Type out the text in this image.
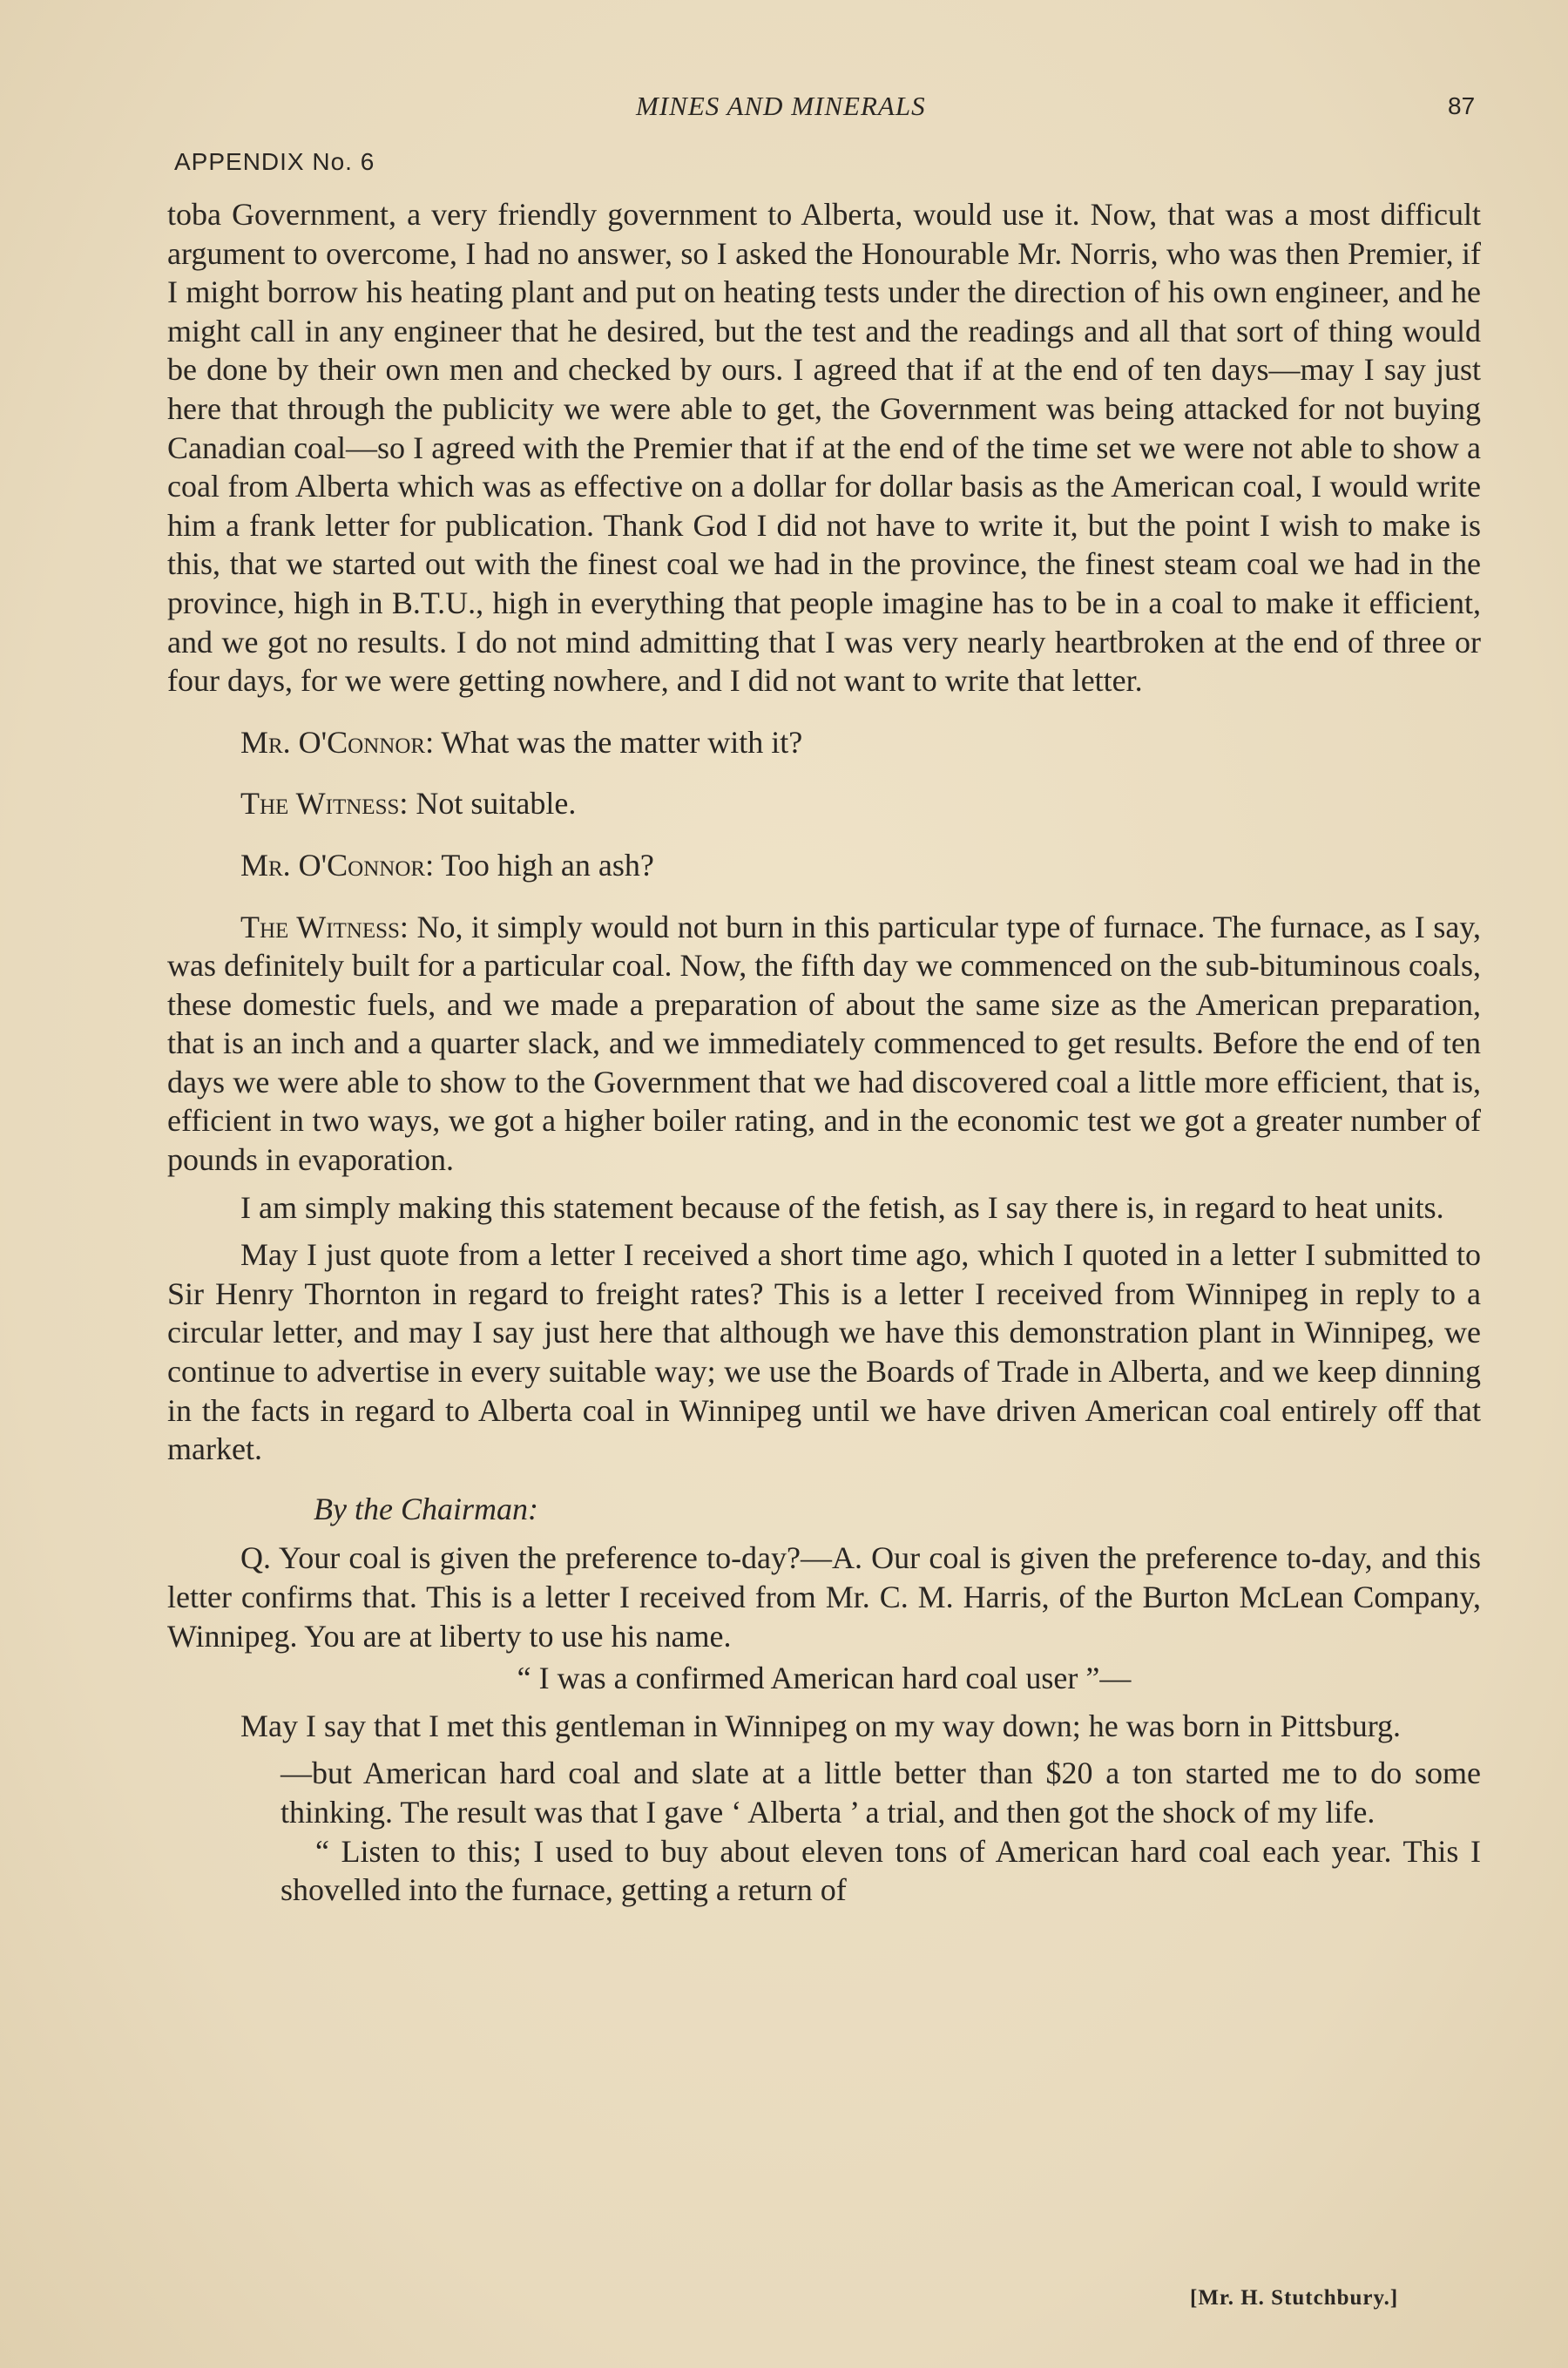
MINES AND MINERALS	87
APPENDIX No. 6

toba Government, a very friendly government to Alberta, would use it. Now, that was a most difficult argument to overcome, I had no answer, so I asked the Honourable Mr. Norris, who was then Premier, if I might borrow his heating plant and put on heating tests under the direction of his own engineer, and he might call in any engineer that he desired, but the test and the readings and all that sort of thing would be done by their own men and checked by ours. I agreed that if at the end of ten days—may I say just here that through the publicity we were able to get, the Government was being attacked for not buying Canadian coal—so I agreed with the Premier that if at the end of the time set we were not able to show a coal from Alberta which was as effective on a dollar for dollar basis as the American coal, I would write him a frank letter for publication. Thank God I did not have to write it, but the point I wish to make is this, that we started out with the finest coal we had in the province, the finest steam coal we had in the province, high in B.T.U., high in everything that people imagine has to be in a coal to make it efficient, and we got no results. I do not mind admitting that I was very nearly heartbroken at the end of three or four days, for we were getting nowhere, and I did not want to write that letter.

Mr. O'Connor: What was the matter with it?

The Witness: Not suitable.

Mr. O'Connor: Too high an ash?

The Witness: No, it simply would not burn in this particular type of furnace. The furnace, as I say, was definitely built for a particular coal. Now, the fifth day we commenced on the sub-bituminous coals, these domestic fuels, and we made a preparation of about the same size as the American preparation, that is an inch and a quarter slack, and we immediately commenced to get results. Before the end of ten days we were able to show to the Government that we had discovered coal a little more efficient, that is, efficient in two ways, we got a higher boiler rating, and in the economic test we got a greater number of pounds in evaporation.

I am simply making this statement because of the fetish, as I say there is, in regard to heat units.

May I just quote from a letter I received a short time ago, which I quoted in a letter I submitted to Sir Henry Thornton in regard to freight rates? This is a letter I received from Winnipeg in reply to a circular letter, and may I say just here that although we have this demonstration plant in Winnipeg, we continue to advertise in every suitable way; we use the Boards of Trade in Alberta, and we keep dinning in the facts in regard to Alberta coal in Winnipeg until we have driven American coal entirely off that market.

By the Chairman:

Q. Your coal is given the preference to-day?—A. Our coal is given the preference to-day, and this letter confirms that. This is a letter I received from Mr. C. M. Harris, of the Burton McLean Company, Winnipeg. You are at liberty to use his name.

“ I was a confirmed American hard coal user ”—

May I say that I met this gentleman in Winnipeg on my way down; he was born in Pittsburg.

—but American hard coal and slate at a little better than $20 a ton started me to do some thinking. The result was that I gave ‘ Alberta ’ a trial, and then got the shock of my life.

“ Listen to this; I used to buy about eleven tons of American hard coal each year. This I shovelled into the furnace, getting a return of

[Mr. H. Stutchbury.]
